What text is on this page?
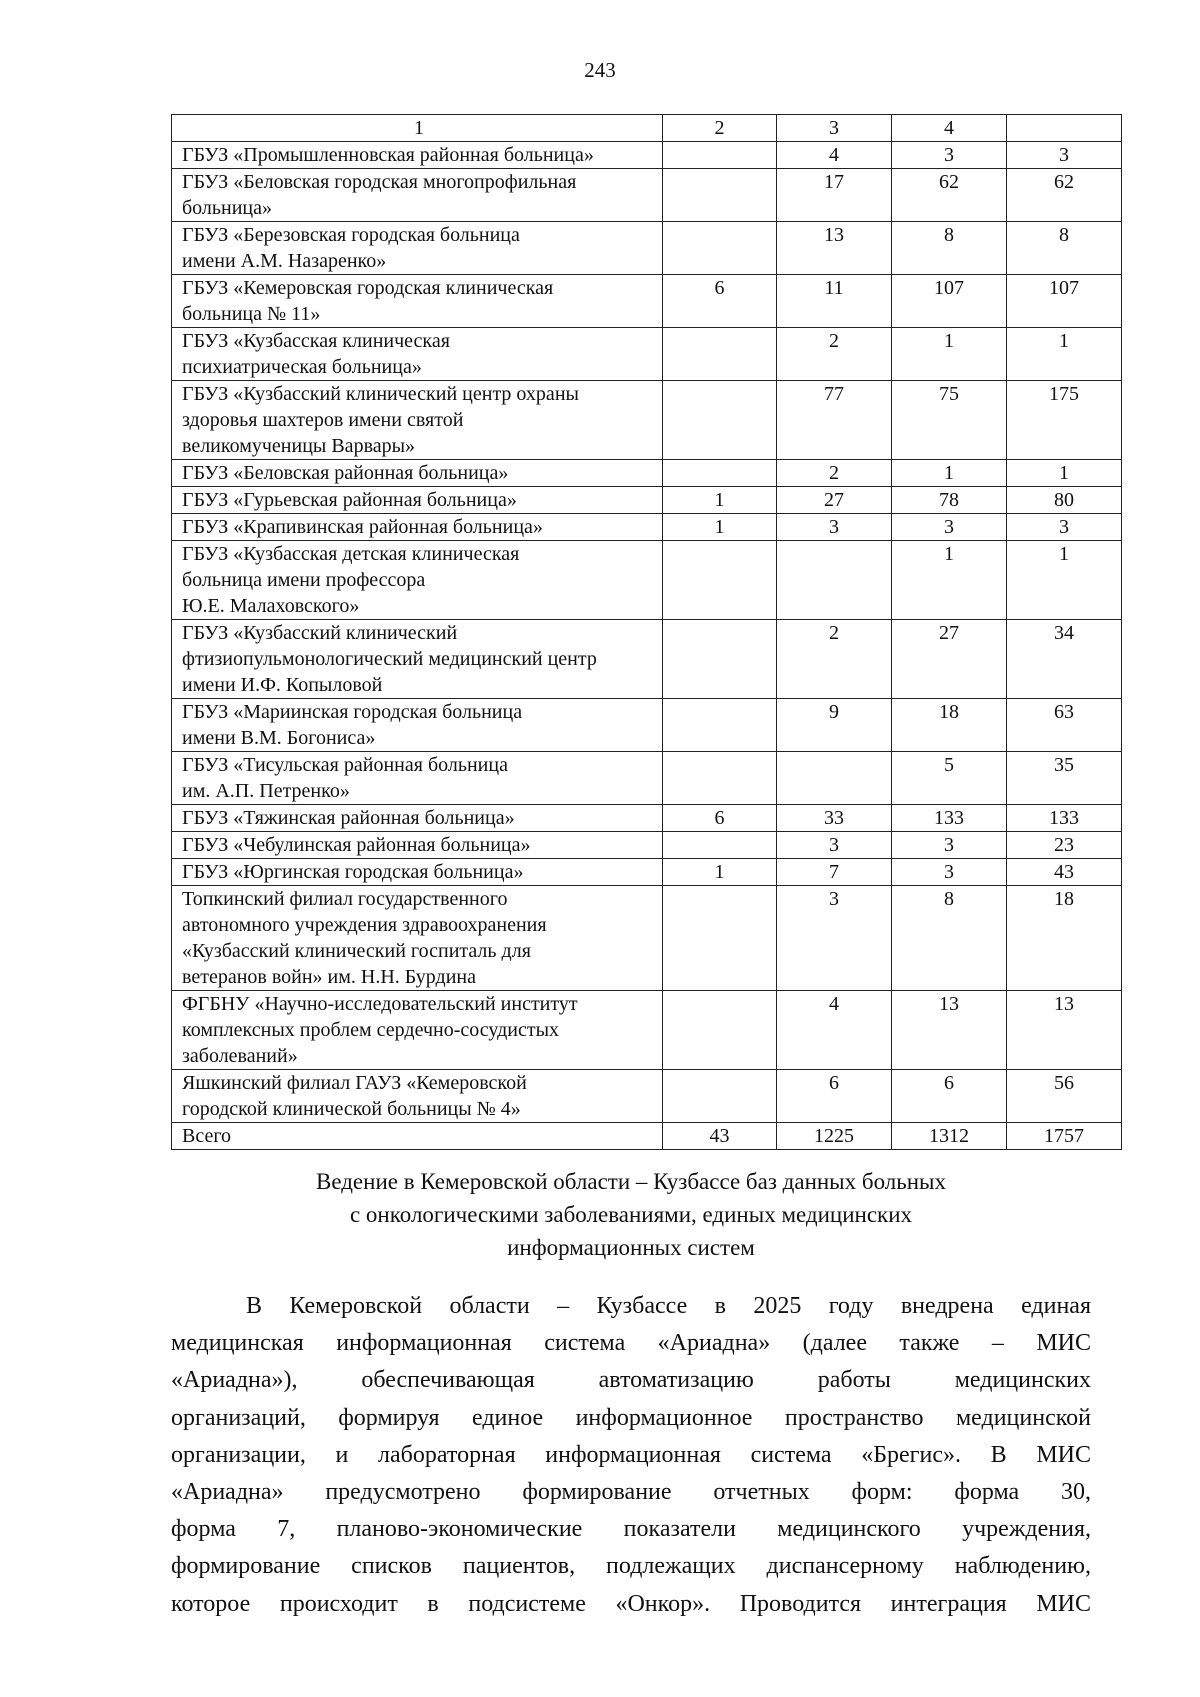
243
1	2	3	4	

ГБУЗ «Промышленновская районная больница»		4	3	3

ГБУЗ «Беловская городская многопрофильная
больница»		17	62	62

ГБУЗ «Березовская городская больница
имени А.М. Назаренко»		13	8	8

ГБУЗ «Кемеровская городская клиническая
больница № 11»	6	11	107	107

ГБУЗ «Кузбасская клиническая
психиатрическая больница»		2	1	1

ГБУЗ «Кузбасский клинический центр охраны
здоровья шахтеров имени святой
великомученицы Варвары»		77	75	175

ГБУЗ «Беловская районная больница»		2	1	1

ГБУЗ «Гурьевская районная больница»	1	27	78	80

ГБУЗ «Крапивинская районная больница»	1	3	3	3

ГБУЗ «Кузбасская детская клиническая
больница имени профессора
Ю.Е. Малаховского»			1	1

ГБУЗ «Кузбасский клинический
фтизиопульмонологический медицинский центр
имени И.Ф. Копыловой		2	27	34

ГБУЗ «Мариинская городская больница
имени В.М. Богониса»		9	18	63

ГБУЗ «Тисульская районная больница
им. А.П. Петренко»			5	35

ГБУЗ «Тяжинская районная больница»	6	33	133	133

ГБУЗ «Чебулинская районная больница»		3	3	23

ГБУЗ «Юргинская городская больница»	1	7	3	43

Топкинский филиал государственного
автономного учреждения здравоохранения
«Кузбасский клинический госпиталь для
ветеранов войн» им. Н.Н. Бурдина		3	8	18

ФГБНУ «Научно-исследовательский институт
комплексных проблем сердечно-сосудистых
заболеваний»		4	13	13

Яшкинский филиал ГАУЗ «Кемеровской
городской клинической больницы № 4»		6	6	56

Всего	43	1225	1312	1757
Ведение в Кемеровской области – Кузбассе баз данных больных
с онкологическими заболеваниями, единых медицинских
информационных систем
В Кемеровской области – Кузбассе в 2025 году внедрена единая
медицинская информационная система «Ариадна» (далее также – МИС
«Ариадна»), обеспечивающая автоматизацию работы медицинских
организаций, формируя единое информационное пространство медицинской
организации, и лабораторная информационная система «Брегис». В МИС
«Ариадна» предусмотрено формирование отчетных форм: форма 30,
форма 7, планово-экономические показатели медицинского учреждения,
формирование списков пациентов, подлежащих диспансерному наблюдению,
которое происходит в подсистеме «Онкор». Проводится интеграция МИС
